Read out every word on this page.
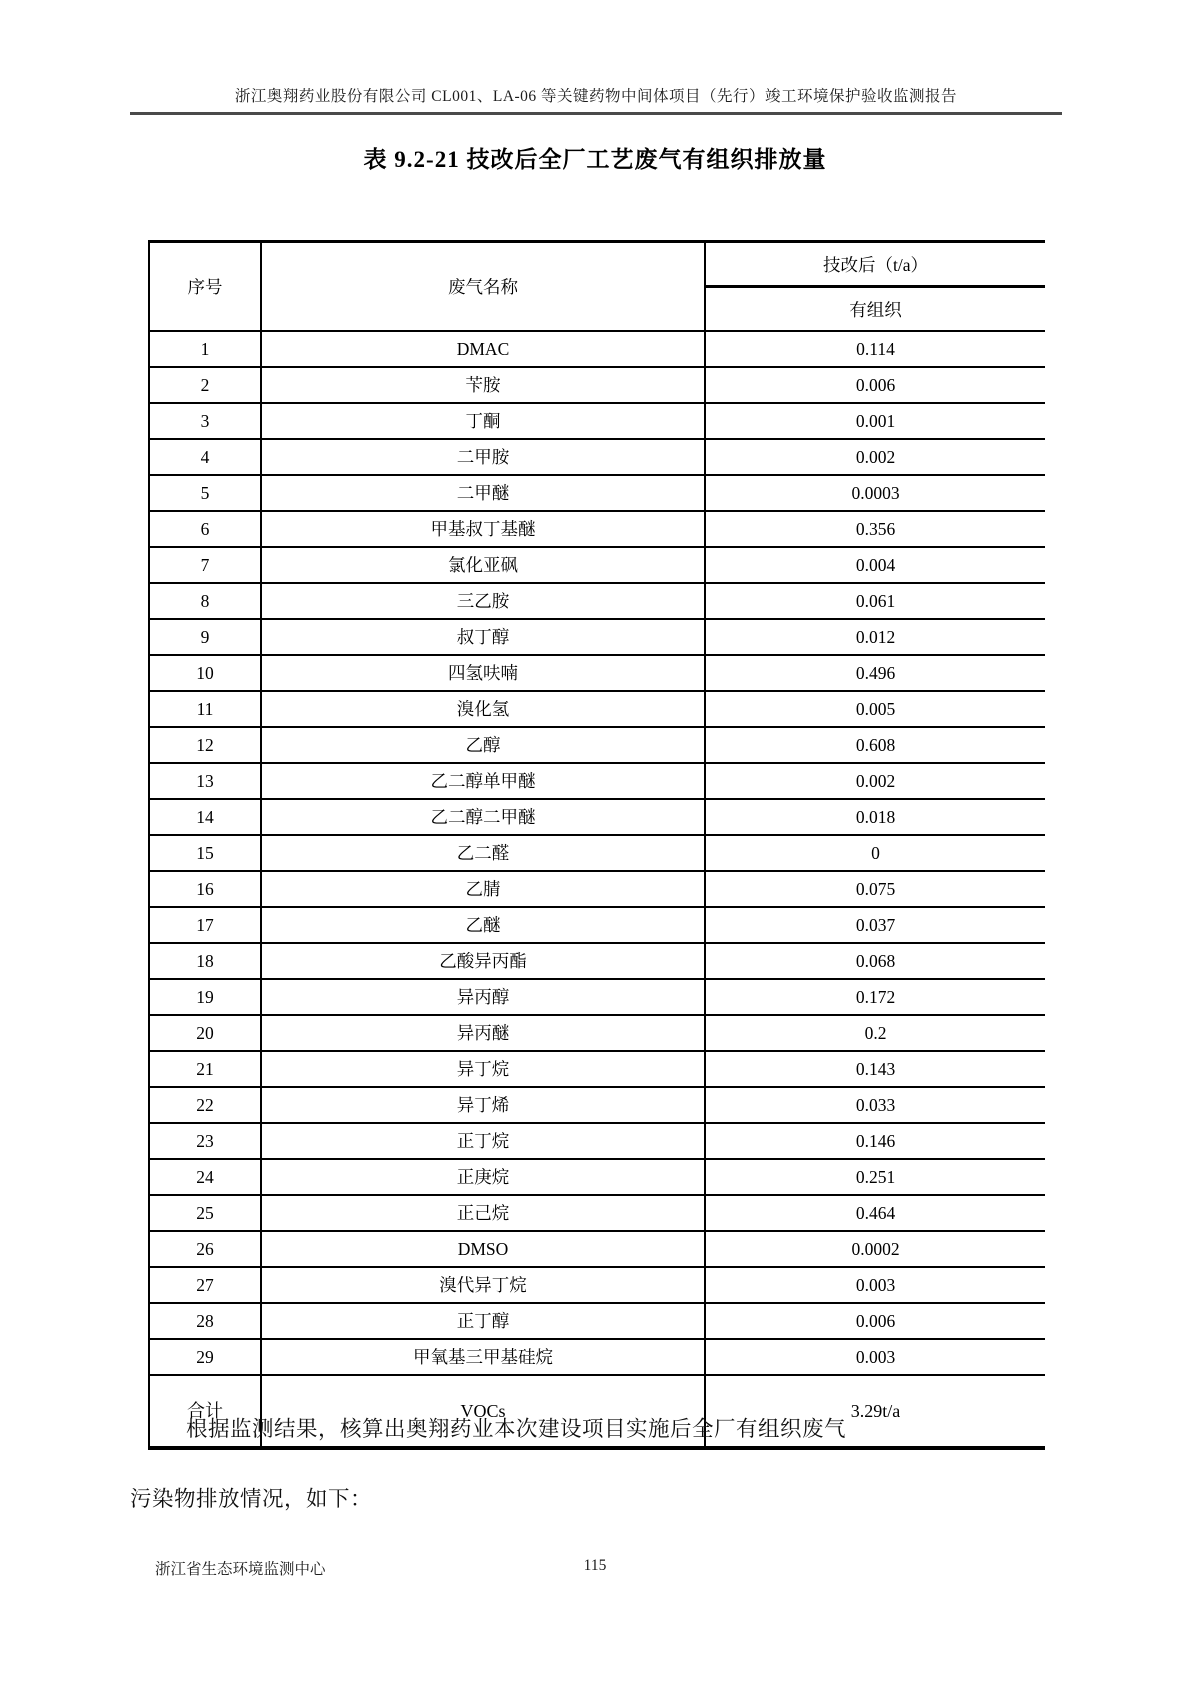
浙江奥翔药业股份有限公司 CL001、LA-06 等关键药物中间体项目（先行）竣工环境保护验收监测报告
表 9.2-21 技改后全厂工艺废气有组织排放量
序号	废气名称	技改后（t/a）
		有组织
1	DMAC	0.114
2	苄胺	0.006
3	丁酮	0.001
4	二甲胺	0.002
5	二甲醚	0.0003
6	甲基叔丁基醚	0.356
7	氯化亚砜	0.004
8	三乙胺	0.061
9	叔丁醇	0.012
10	四氢呋喃	0.496
11	溴化氢	0.005
12	乙醇	0.608
13	乙二醇单甲醚	0.002
14	乙二醇二甲醚	0.018
15	乙二醛	0
16	乙腈	0.075
17	乙醚	0.037
18	乙酸异丙酯	0.068
19	异丙醇	0.172
20	异丙醚	0.2
21	异丁烷	0.143
22	异丁烯	0.033
23	正丁烷	0.146
24	正庚烷	0.251
25	正己烷	0.464
26	DMSO	0.0002
27	溴代异丁烷	0.003
28	正丁醇	0.006
29	甲氧基三甲基硅烷	0.003
合计	VOCs	3.29t/a
根据监测结果，核算出奥翔药业本次建设项目实施后全厂有组织废气
污染物排放情况，如下：
浙江省生态环境监测中心	115
